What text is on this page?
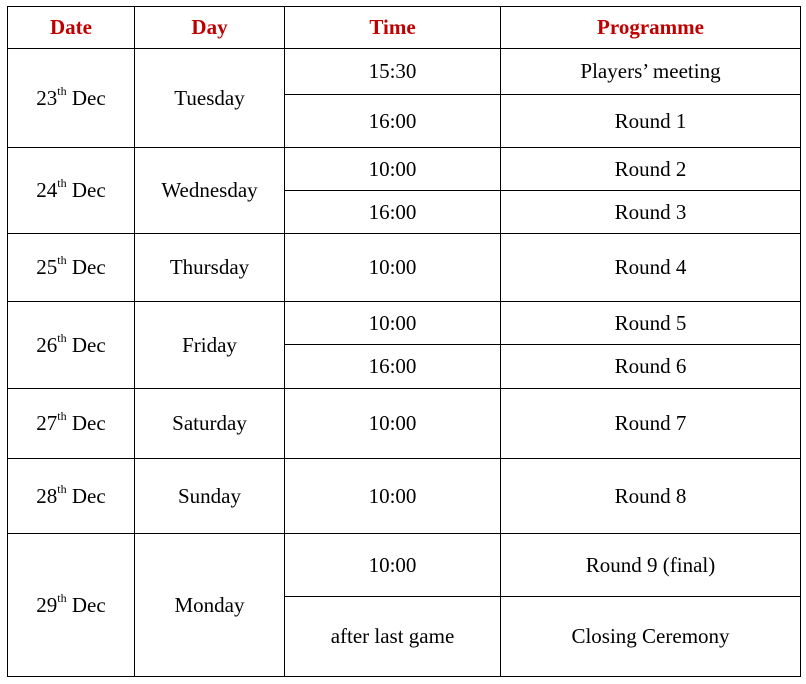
Date	Day	Time	Programme
23th Dec	Tuesday	15:30	Players’ meeting
		16:00	Round 1
24th Dec	Wednesday	10:00	Round 2
		16:00	Round 3
25th Dec	Thursday	10:00	Round 4
26th Dec	Friday	10:00	Round 5
		16:00	Round 6
27th Dec	Saturday	10:00	Round 7
28th Dec	Sunday	10:00	Round 8
29th Dec	Monday	10:00	Round 9 (final)
		after last game	Closing Ceremony
